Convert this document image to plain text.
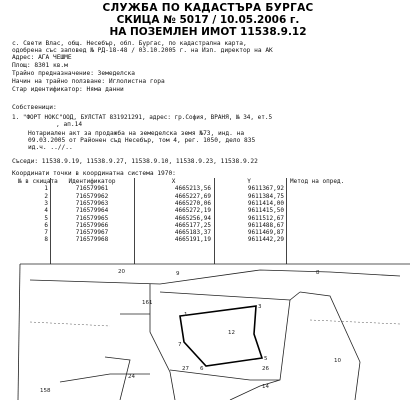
СЛУЖБА ПО КАДАСТЪРА БУРГАС
СКИЦА № 5017 / 10.05.2006 г.
НА ПОЗЕМЛЕН ИМОТ 11538.9.12
с. Свети Влас, общ. Несебър, обл. Бургас, по кадастрална карта,
одобрена със заповед № РД-18-48 / 03.10.2005 г. на Изп. директор на АК
Адрес: АГА ЧЕШМЕ
Площ: 8301 кв.м
Трайно предназначение: Земеделска
Начин на трайно ползване: Иглолистна гора
Стар идентификатор: Няма данни
Собственици:
1. "ФОРТ НОКС"ООД, БУЛСТАТ 831921291, адрес: гр.София, ВРАНЯ, № 34, ет.5
, ап.14
Нотариален акт за продажба на земеделска земя №73, инд. на
09.03.2005 от Районен съд Несебър, том 4, рег. 1050, дело 835
ид.ч. ..//..
Съседи: 11538.9.19, 11538.9.27, 11538.9.10, 11538.9.23, 11538.9.22
Координати точки в координатна система 1970:
№ в скицата	Идентификатор	X	Y	Метод на опред.
1	716579961	4665213,56	9611367,92
2	716579962	4665227,69	9611384,75
3	716579963	4665270,06	9611414,00
4	716579964	4665272,19	9611415,50
5	716579965	4665256,94	9611512,67
6	716579966	4665177,25	9611488,67
7	716579967	4665183,37	9611469,87
8	716579968	4665191,19	9611442,29
20	9	8
161
12
27	26
24
14
10
158
1
3
5
6
7
